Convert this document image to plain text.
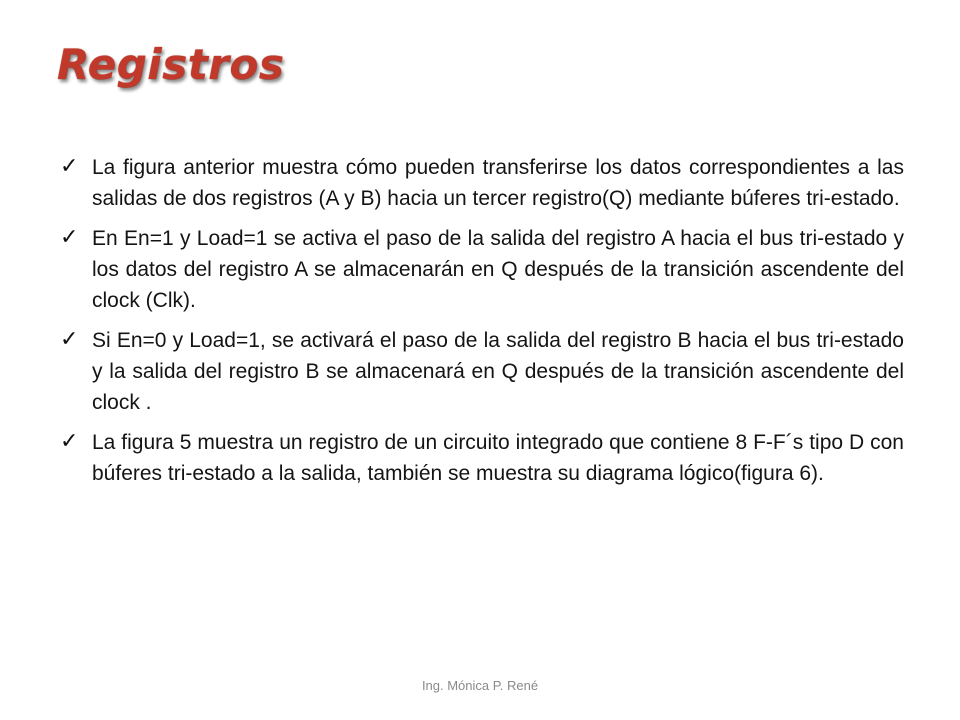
Registros
✓ La figura anterior muestra cómo pueden transferirse los datos correspondientes a las salidas de dos registros (A y B) hacia un tercer registro(Q) mediante búferes tri-estado.
✓ En En=1 y Load=1 se activa el paso de la salida del registro A hacia el bus tri-estado y los datos del registro A se almacenarán en Q después de la transición ascendente del clock (Clk).
✓ Si En=0 y Load=1, se activará el paso de la salida del registro B hacia el bus tri-estado y la salida del registro B se almacenará en Q después de la transición ascendente del clock .
✓ La figura 5 muestra un registro de un circuito integrado que contiene 8 F-F´s tipo D con búferes tri-estado a la salida, también se muestra su diagrama lógico(figura 6).
Ing. Mónica P. René
